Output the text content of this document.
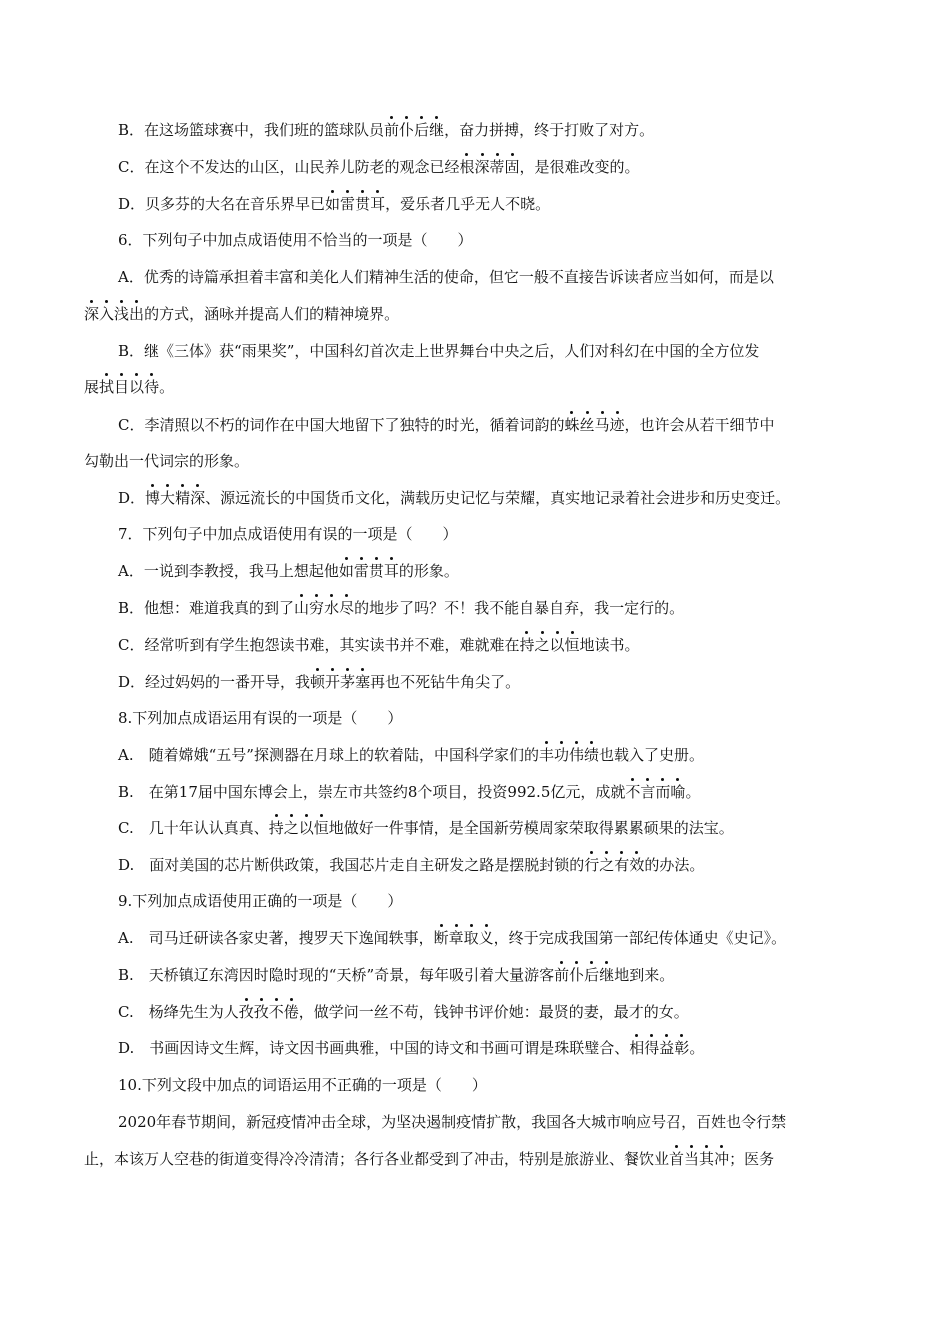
B．在这场篮球赛中，我们班的篮球队员前仆后继，奋力拼搏，终于打败了对方。
C．在这个不发达的山区，山民养儿防老的观念已经根深蒂固，是很难改变的。
D．贝多芬的大名在音乐界早已如雷贯耳，爱乐者几乎无人不晓。
6．下列句子中加点成语使用不恰当的一项是（　　）
A．优秀的诗篇承担着丰富和美化人们精神生活的使命，但它一般不直接告诉读者应当如何，而是以
深入浅出的方式，涵咏并提高人们的精神境界。
B．继《三体》获“雨果奖”，中国科幻首次走上世界舞台中央之后，人们对科幻在中国的全方位发
展拭目以待。
C．李清照以不朽的词作在中国大地留下了独特的时光，循着词韵的蛛丝马迹，也许会从若干细节中
勾勒出一代词宗的形象。
D．博大精深、源远流长的中国货币文化，满载历史记忆与荣耀，真实地记录着社会进步和历史变迁。
7．下列句子中加点成语使用有误的一项是（　　）
A．一说到李教授，我马上想起他如雷贯耳的形象。
B．他想：难道我真的到了山穷水尽的地步了吗？不！我不能自暴自弃，我一定行的。
C．经常听到有学生抱怨读书难，其实读书并不难，难就难在持之以恒地读书。
D．经过妈妈的一番开导，我顿开茅塞再也不死钻牛角尖了。
8.下列加点成语运用有误的一项是（　　）
A.　随着嫦娥“五号”探测器在月球上的软着陆，中国科学家们的丰功伟绩也载入了史册。
B.　在第17届中国东博会上，崇左市共签约8个项目，投资992.5亿元，成就不言而喻。
C.　几十年认认真真、持之以恒地做好一件事情，是全国新劳模周家荣取得累累硕果的法宝。
D.　面对美国的芯片断供政策，我国芯片走自主研发之路是摆脱封锁的行之有效的办法。
9.下列加点成语使用正确的一项是（　　）
A.　司马迁研读各家史著，搜罗天下逸闻轶事，断章取义，终于完成我国第一部纪传体通史《史记》。
B.　天桥镇辽东湾因时隐时现的“天桥”奇景，每年吸引着大量游客前仆后继地到来。
C.　杨绛先生为人孜孜不倦，做学问一丝不苟，钱钟书评价她：最贤的妻，最才的女。
D.　书画因诗文生辉，诗文因书画典雅，中国的诗文和书画可谓是珠联璧合、相得益彰。
10.下列文段中加点的词语运用不正确的一项是（　　）
2020年春节期间，新冠疫情冲击全球，为坚决遏制疫情扩散，我国各大城市响应号召，百姓也令行禁
止，本该万人空巷的街道变得冷冷清清；各行各业都受到了冲击，特别是旅游业、餐饮业首当其冲；医务
